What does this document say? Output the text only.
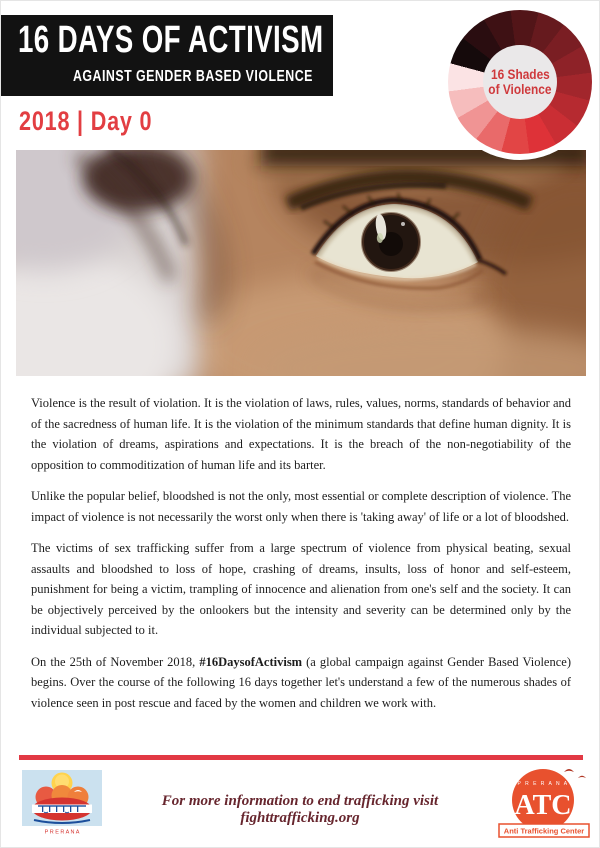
16 DAYS OF ACTIVISM
AGAINST GENDER BASED VIOLENCE
2018 | Day 0
16 Shades
of Violence

Violence is the result of violation. It is the violation of laws, rules, values, norms, standards of behavior and of the sacredness of human life. It is the violation of the minimum standards that define human dignity. It is the violation of dreams, aspirations and expectations. It is the breach of the non-negotiability of the opposition to commoditization of human life and its barter.

Unlike the popular belief, bloodshed is not the only, most essential or complete description of violence. The impact of violence is not necessarily the worst only when there is 'taking away' of life or a lot of bloodshed.

The victims of sex trafficking suffer from a large spectrum of violence from physical beating, sexual assaults and bloodshed to loss of hope, crashing of dreams, insults, loss of honor and self-esteem, punishment for being a victim, trampling of innocence and alienation from one's self and the society. It can be objectively perceived by the onlookers but the intensity and severity can be determined only by the individual subjected to it.

On the 25th of November 2018, #16DaysofActivism (a global campaign against Gender Based Violence) begins. Over the course of the following 16 days together let's understand a few of the numerous shades of violence seen in post rescue and faced by the women and children we work with.

P R E R A N A
For more information to end trafficking visit fighttrafficking.org
P R E R A N A
ATC
Anti Trafficking Center
